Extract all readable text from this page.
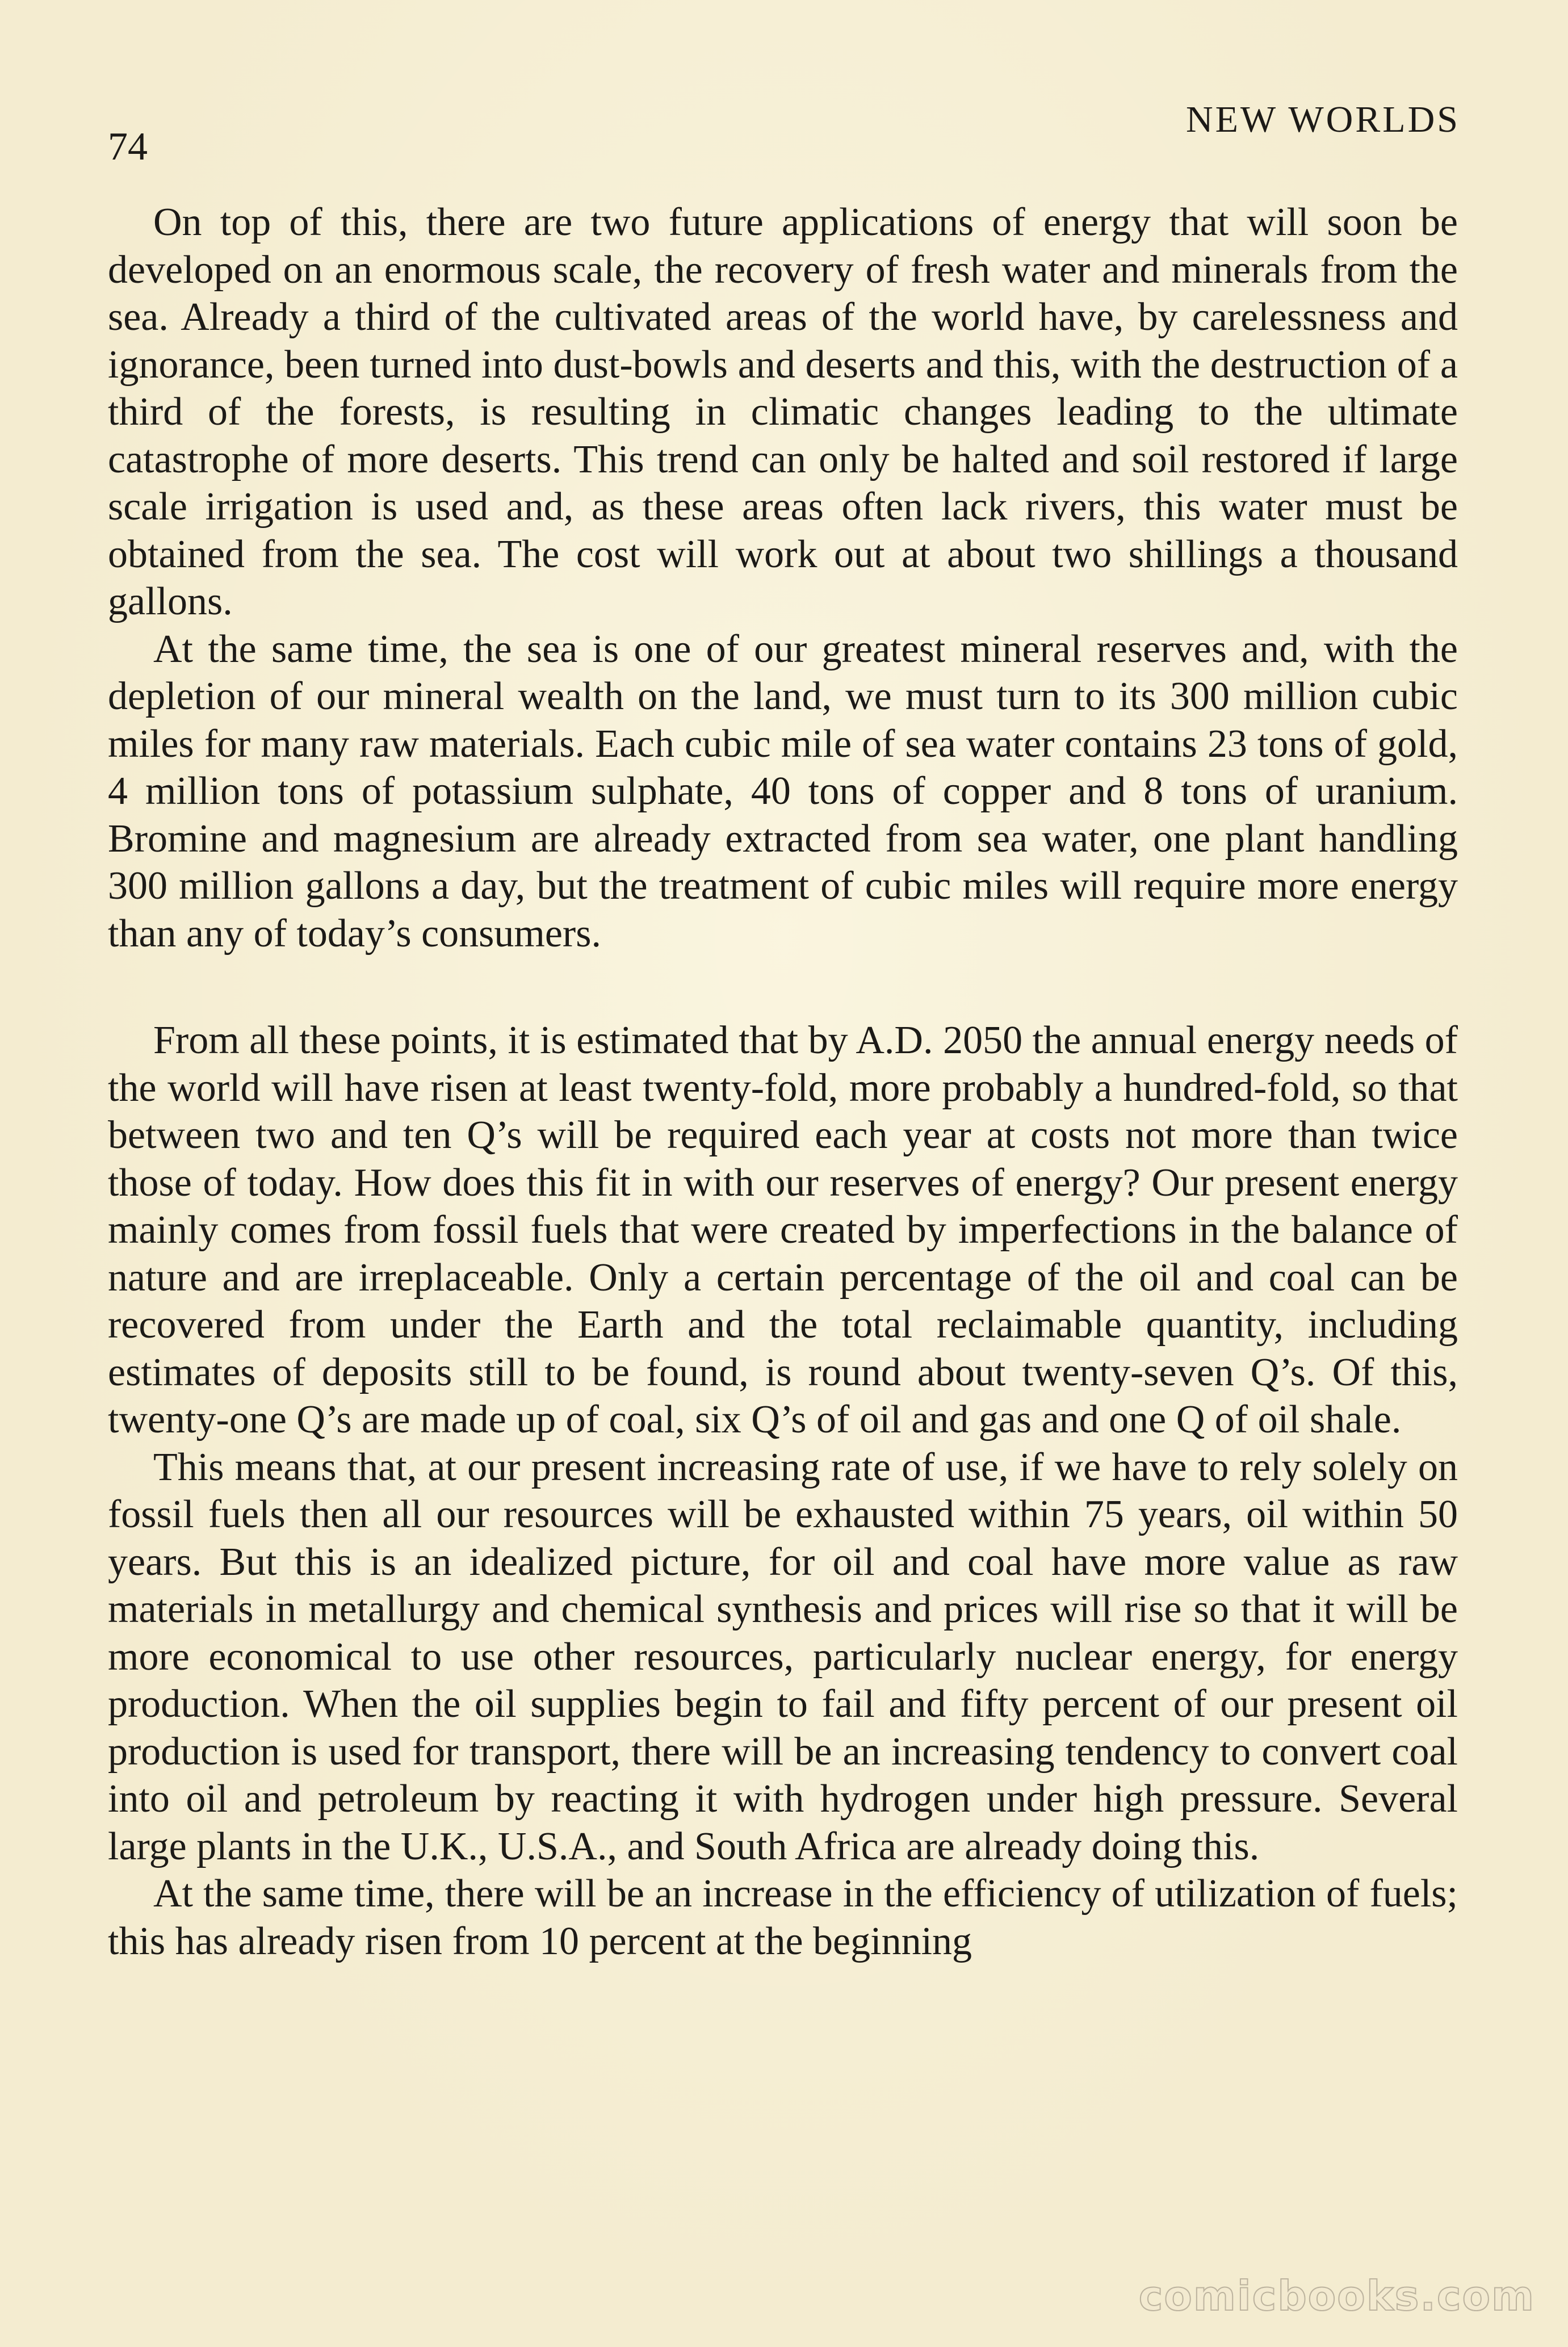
74
NEW WORLDS

On top of this, there are two future applications of energy that will soon be developed on an enormous scale, the recovery of fresh water and minerals from the sea. Already a third of the cultivated areas of the world have, by carelessness and ignorance, been turned into dust-bowls and deserts and this, with the destruction of a third of the forests, is resulting in climatic changes leading to the ultimate catastrophe of more deserts. This trend can only be halted and soil restored if large scale irrigation is used and, as these areas often lack rivers, this water must be obtained from the sea. The cost will work out at about two shillings a thousand gallons.

At the same time, the sea is one of our greatest mineral reserves and, with the depletion of our mineral wealth on the land, we must turn to its 300 million cubic miles for many raw materials. Each cubic mile of sea water contains 23 tons of gold, 4 million tons of potassium sulphate, 40 tons of copper and 8 tons of uranium. Bromine and magnesium are already extracted from sea water, one plant handling 300 million gallons a day, but the treatment of cubic miles will require more energy than any of today’s consumers.

From all these points, it is estimated that by A.D. 2050 the annual energy needs of the world will have risen at least twenty-fold, more probably a hundred-fold, so that between two and ten Q’s will be required each year at costs not more than twice those of today. How does this fit in with our reserves of energy? Our present energy mainly comes from fossil fuels that were created by imperfections in the balance of nature and are irreplaceable. Only a certain percentage of the oil and coal can be recovered from under the Earth and the total reclaimable quantity, including estimates of deposits still to be found, is round about twenty-seven Q’s. Of this, twenty-one Q’s are made up of coal, six Q’s of oil and gas and one Q of oil shale.

This means that, at our present increasing rate of use, if we have to rely solely on fossil fuels then all our resources will be exhausted within 75 years, oil within 50 years. But this is an idealized picture, for oil and coal have more value as raw materials in metallurgy and chemical synthesis and prices will rise so that it will be more economical to use other resources, particularly nuclear energy, for energy production. When the oil supplies begin to fail and fifty percent of our present oil production is used for transport, there will be an increasing tendency to convert coal into oil and petroleum by reacting it with hydrogen under high pressure. Several large plants in the U.K., U.S.A., and South Africa are already doing this.

At the same time, there will be an increase in the efficiency of utilization of fuels; this has already risen from 10 percent at the beginning

comicbooks.com
